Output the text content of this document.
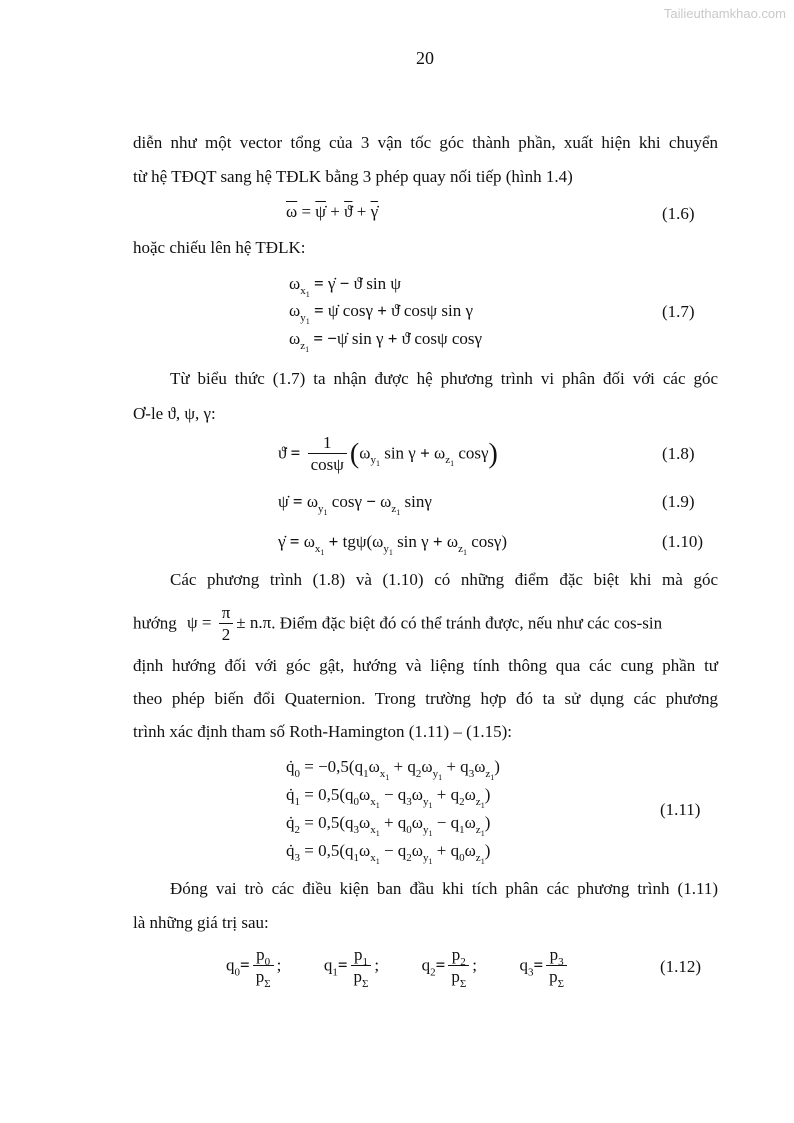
Tailieuthamkhao.com
20
diễn như một vector tổng của 3 vận tốc góc thành phần, xuất hiện khi chuyển
từ hệ TĐQT sang hệ TĐLK bằng 3 phép quay nối tiếp (hình 1.4)
$\overline{\omega}$ = ψ̇ + ϑ̇ + γ̇	(1.6)
hoặc chiếu lên hệ TĐLK:
$\omega_{x_1}$ = γ̇ − ϑ̇ sin ψ
$\omega_{y_1}$ = ψ̇ cosγ + ϑ̇ cosψ sin γ
$\omega_{z_1}$ = −ψ̇ sin γ + ϑ̇ cosψ cosγ
(1.7)
Từ biểu thức (1.7) ta nhận được hệ phương trình vi phân đối với các góc
Ơ-le ϑ, ψ, γ:
ϑ̇ = $\frac{1}{\cos\psi} (\omega_{y_1}$ $\sin \gamma + \omega_{z_1}$ cosγ)	(1.8)
ψ̇ = $\omega_{y_1}$ $\cos\gamma - \omega_{z_1}$ sinγ	(1.9)
γ̇ = $\omega_{x_1} + tg\psi(\omega_{y_1}$ $\sin \gamma + \omega_{z_1}$ cosγ)	(1.10)
Các phương trình (1.8) và (1.10) có những điểm đặc biệt khi mà góc
hướng $\psi = \frac{\pi}{2} \pm n.\pi$. Điểm đặc biệt đó có thể tránh được, nếu như các cos-sin
định hướng đối với góc gật, hướng và liệng tính thông qua các cung phần tư
theo phép biến đổi Quaternion. Trong trường hợp đó ta sử dụng các phương
trình xác định tham số Roth-Hamington (1.11) – (1.15):
$q̇_0 = -0,5(q_1\omega_{x_1} + q_2\omega_{y_1} + q_3\omega_{z_1})$
$q̇_1 = 0,5(q_0\omega_{x_1} - q_3\omega_{y_1} + q_2\omega_{z_1})$
$q̇_2 = 0,5(q_3\omega_{x_1} + q_0\omega_{y_1} - q_1\omega_{z_1})$
$q̇_3 = 0,5(q_1\omega_{x_1} - q_2\omega_{y_1} + q_0\omega_{z_1})$
(1.11)
Đóng vai trò các điều kiện ban đầu khi tích phân các phương trình (1.11)
là những giá trị sau:
$q_0= \frac{p_0}{p_\Sigma}$ ;  $q_1= \frac{p_1}{p_\Sigma}$ ;  $q_2= \frac{p_2}{p_\Sigma}$ ;  $q_3= \frac{p_3}{p_\Sigma}$	(1.12)
